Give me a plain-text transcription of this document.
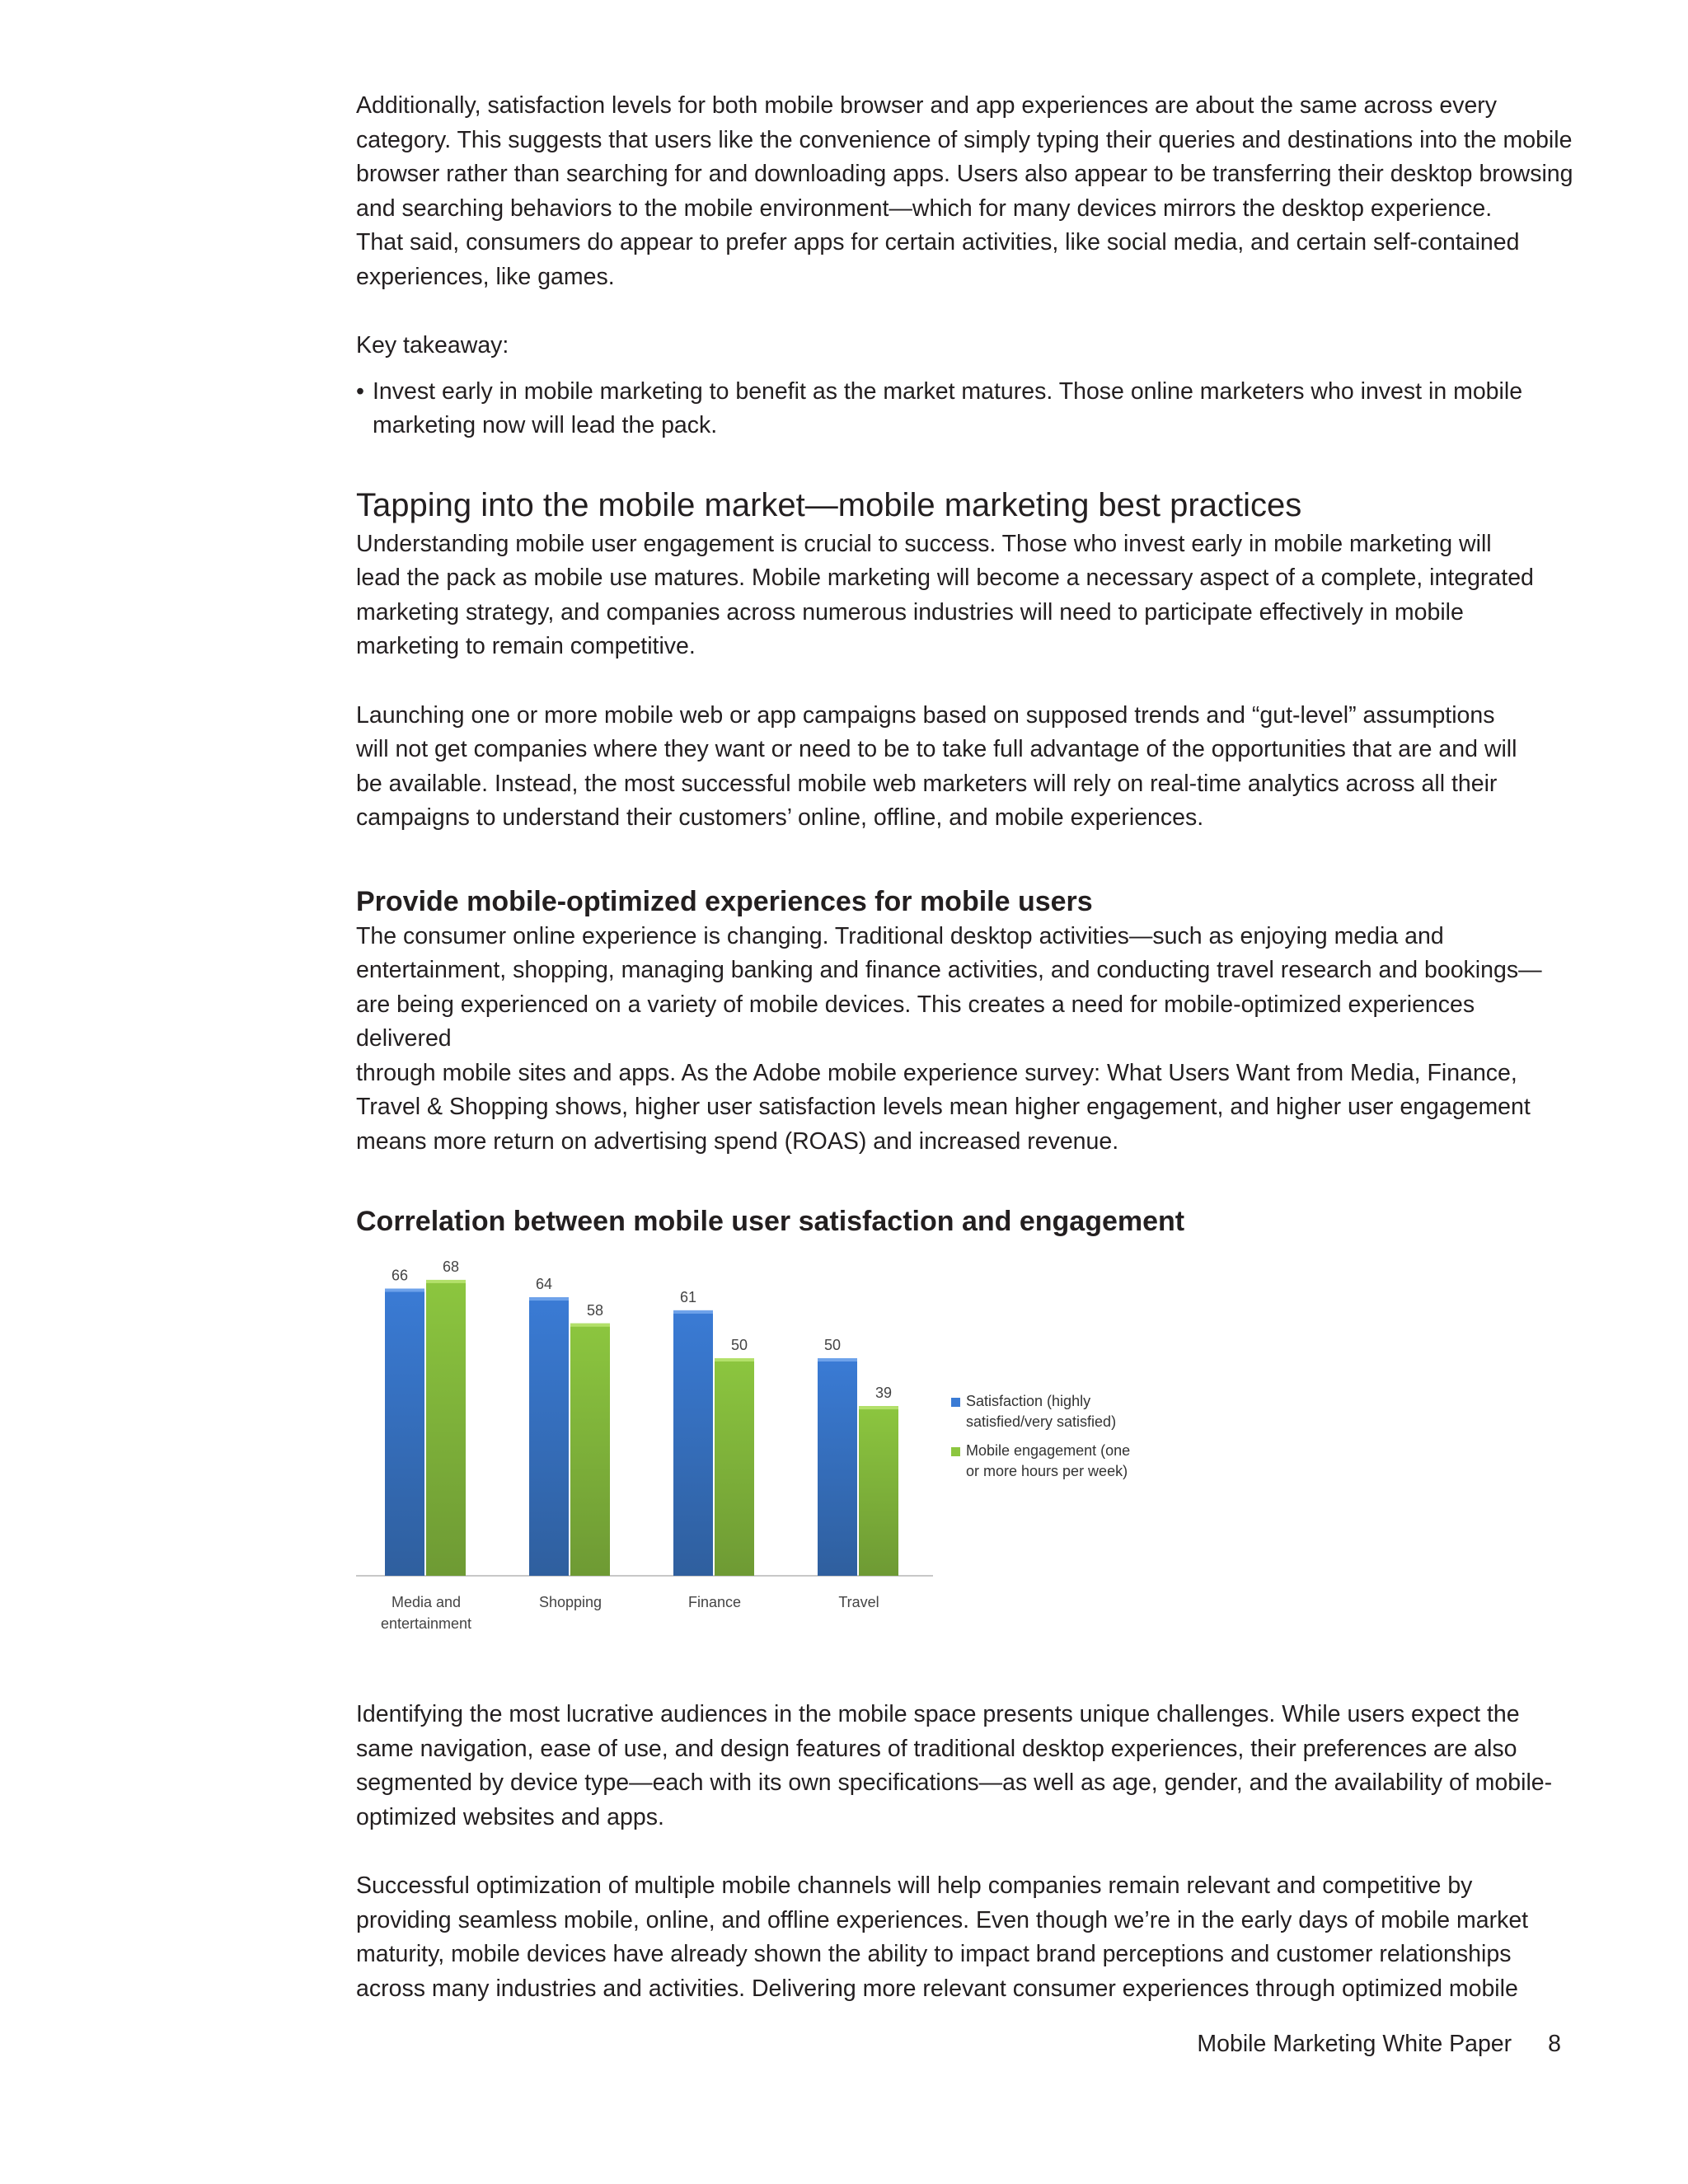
Additionally, satisfaction levels for both mobile browser and app experiences are about the same across every
category. This suggests that users like the convenience of simply typing their queries and destinations into the mobile
browser rather than searching for and downloading apps. Users also appear to be transferring their desktop browsing
and searching behaviors to the mobile environment—which for many devices mirrors the desktop experience.
That said, consumers do appear to prefer apps for certain activities, like social media, and certain self-contained
experiences, like games.

Key takeaway:

• Invest early in mobile marketing to benefit as the market matures. Those online marketers who invest in mobile
marketing now will lead the pack.
Tapping into the mobile market—mobile marketing best practices

Understanding mobile user engagement is crucial to success. Those who invest early in mobile marketing will
lead the pack as mobile use matures. Mobile marketing will become a necessary aspect of a complete, integrated
marketing strategy, and companies across numerous industries will need to participate effectively in mobile
marketing to remain competitive.

Launching one or more mobile web or app campaigns based on supposed trends and “gut-level” assumptions
will not get companies where they want or need to be to take full advantage of the opportunities that are and will
be available. Instead, the most successful mobile web marketers will rely on real-time analytics across all their
campaigns to understand their customers’ online, offline, and mobile experiences.

Provide mobile-optimized experiences for mobile users

The consumer online experience is changing. Traditional desktop activities—such as enjoying media and
entertainment, shopping, managing banking and finance activities, and conducting travel research and bookings—
are being experienced on a variety of mobile devices. This creates a need for mobile-optimized experiences delivered
through mobile sites and apps. As the Adobe mobile experience survey: What Users Want from Media, Finance,
Travel & Shopping shows, higher user satisfaction levels mean higher engagement, and higher user engagement
means more return on advertising spend (ROAS) and increased revenue.

Correlation between mobile user satisfaction and engagement
66
68
Media and
entertainment
64
58
Shopping
61
50
Finance
50
39
Travel
Satisfaction (highly
satisfied/very satisfied)
Mobile engagement (one
or more hours per week)

Identifying the most lucrative audiences in the mobile space presents unique challenges. While users expect the
same navigation, ease of use, and design features of traditional desktop experiences, their preferences are also
segmented by device type—each with its own specifications—as well as age, gender, and the availability of mobile-
optimized websites and apps.

Successful optimization of multiple mobile channels will help companies remain relevant and competitive by
providing seamless mobile, online, and offline experiences. Even though we’re in the early days of mobile market
maturity, mobile devices have already shown the ability to impact brand perceptions and customer relationships
across many industries and activities. Delivering more relevant consumer experiences through optimized mobile

Mobile Marketing White Paper 8
